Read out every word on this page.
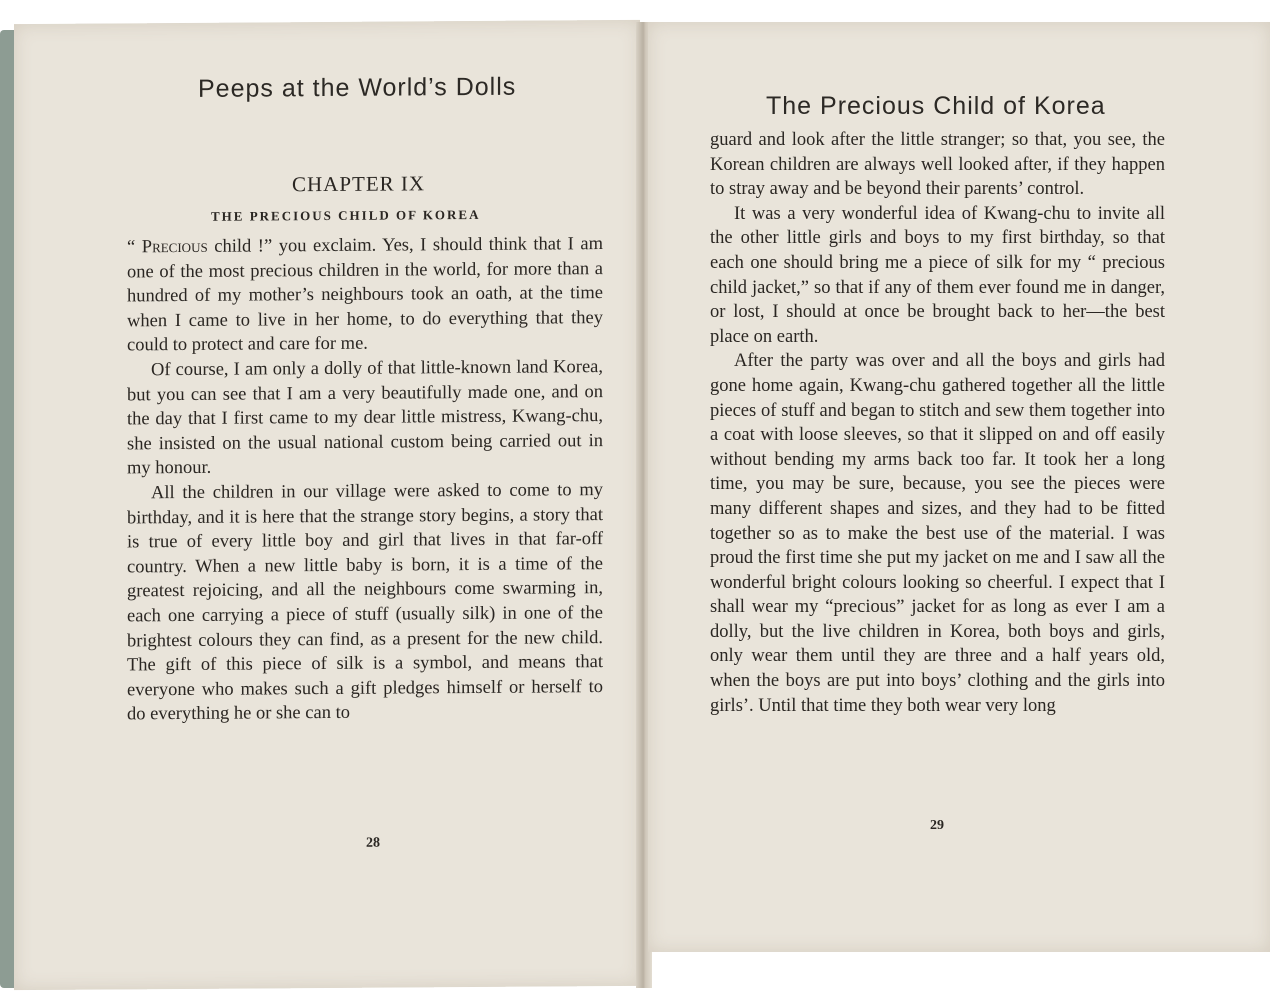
Peeps at the World’s Dolls
CHAPTER IX
THE PRECIOUS CHILD OF KOREA

“ Precious child !” you exclaim. Yes, I should think that I am one of the most precious children in the world, for more than a hundred of my mother’s neighbours took an oath, at the time when I came to live in her home, to do everything that they could to protect and care for me.

Of course, I am only a dolly of that little-known land Korea, but you can see that I am a very beautifully made one, and on the day that I first came to my dear little mistress, Kwang-chu, she insisted on the usual national custom being carried out in my honour.

All the children in our village were asked to come to my birthday, and it is here that the strange story begins, a story that is true of every little boy and girl that lives in that far-off country. When a new little baby is born, it is a time of the greatest rejoicing, and all the neighbours come swarming in, each one carrying a piece of stuff (usually silk) in one of the brightest colours they can find, as a present for the new child. The gift of this piece of silk is a symbol, and means that everyone who makes such a gift pledges himself or herself to do everything he or she can to

28
The Precious Child of Korea

guard and look after the little stranger; so that, you see, the Korean children are always well looked after, if they happen to stray away and be beyond their parents’ control.

It was a very wonderful idea of Kwang-chu to invite all the other little girls and boys to my first birthday, so that each one should bring me a piece of silk for my “ precious child jacket,” so that if any of them ever found me in danger, or lost, I should at once be brought back to her—the best place on earth.

After the party was over and all the boys and girls had gone home again, Kwang-chu gathered together all the little pieces of stuff and began to stitch and sew them together into a coat with loose sleeves, so that it slipped on and off easily without bending my arms back too far. It took her a long time, you may be sure, because, you see the pieces were many different shapes and sizes, and they had to be fitted together so as to make the best use of the material. I was proud the first time she put my jacket on me and I saw all the wonderful bright colours looking so cheerful. I expect that I shall wear my “precious” jacket for as long as ever I am a dolly, but the live children in Korea, both boys and girls, only wear them until they are three and a half years old, when the boys are put into boys’ clothing and the girls into girls’. Until that time they both wear very long

29
